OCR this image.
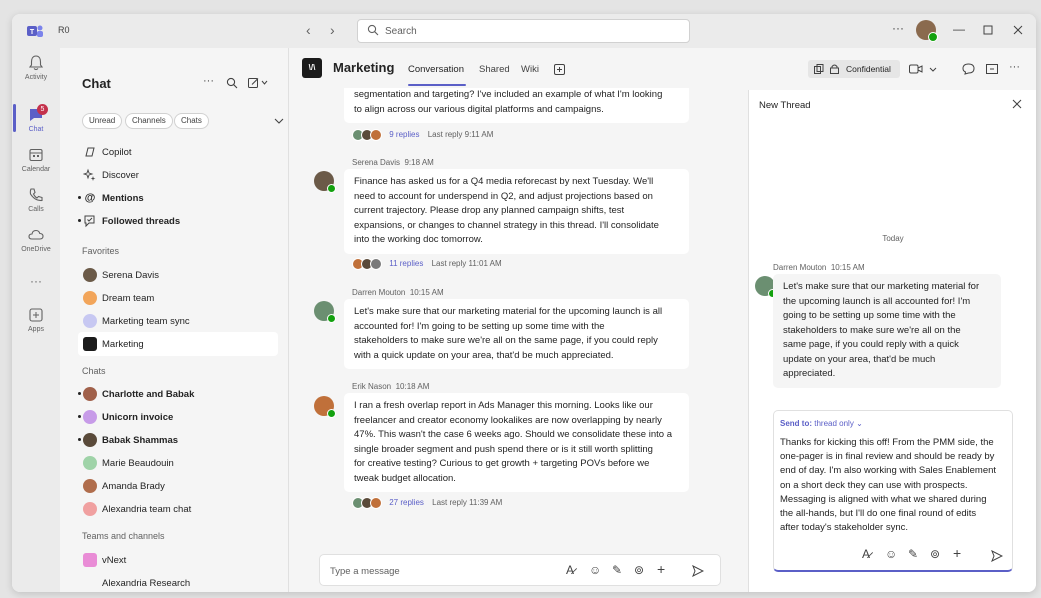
T	R0	‹ ›	Search	···	—
Activity
5
Chat
Calendar
Calls
OneDrive
···
Apps
Chat	···
Unread	Channels	Chats
Copilot
Discover
@ Mentions
Followed threads
Favorites
Serena Davis
Dream team
Marketing team sync
Marketing
Chats
Charlotte and Babak
Unicorn invoice
Babak Shammas
Marie Beaudouin
Amanda Brady
Alexandria team chat
Teams and channels
vNext
Alexandria Research
Confidential	···
\/\	Marketing Conversation Shared Wiki
segmentation and targeting? I've included an example of what I'm looking
to align across our various digital platforms and campaigns.
9 replies Last reply 9:11 AM
Serena Davis 9:18 AM
Finance has asked us for a Q4 media reforecast by next Tuesday. We'll
need to account for underspend in Q2, and adjust projections based on
current trajectory. Please drop any planned campaign shifts, test
expansions, or changes to channel strategy in this thread. I'll consolidate
into the working doc tomorrow.
11 replies Last reply 11:01 AM
Darren Mouton 10:15 AM
Let's make sure that our marketing material for the upcoming launch is all
accounted for! I'm going to be setting up some time with the
stakeholders to make sure we're all on the same page, if you could reply
with a quick update on your area, that'd be much appreciated.
Erik Nason 10:18 AM
I ran a fresh overlap report in Ads Manager this morning. Looks like our
freelancer and creator economy lookalikes are now overlapping by nearly
47%. This wasn't the case 6 weeks ago. Should we consolidate these into a
single broader segment and push spend there or is it still worth splitting
for creative testing? Curious to get growth + targeting POVs before we
tweak budget allocation.
27 replies Last reply 11:39 AM
Type a message	A̷ ☺ ✎ ⊚ +
New Thread
Today
Darren Mouton 10:15 AM
Let's make sure that our marketing material for
the upcoming launch is all accounted for! I'm
going to be setting up some time with the
stakeholders to make sure we're all on the
same page, if you could reply with a quick
update on your area, that'd be much
appreciated.
Send to: thread only ⌄
Thanks for kicking this off! From the PMM side, the
one-pager is in final review and should be ready by
end of day. I'm also working with Sales Enablement
on a short deck they can use with prospects.
Messaging is aligned with what we shared during
the all-hands, but I'll do one final round of edits
after today's stakeholder sync.
A̷ ☺ ✎ ⊚ +
